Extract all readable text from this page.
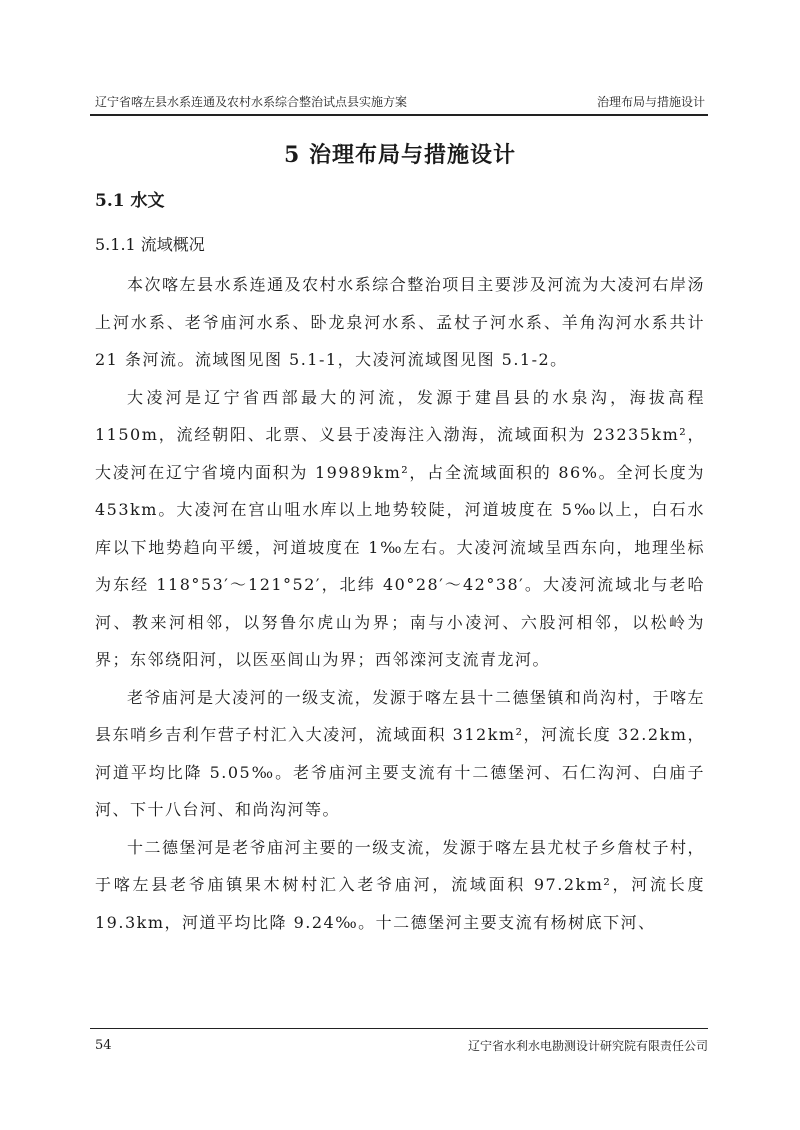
辽宁省喀左县水系连通及农村水系综合整治试点县实施方案	治理布局与措施设计
5 治理布局与措施设计
5.1 水文
5.1.1 流域概况

本次喀左县水系连通及农村水系综合整治项目主要涉及河流为大凌河右岸汤上河水系、老爷庙河水系、卧龙泉河水系、孟杖子河水系、羊角沟河水系共计 21 条河流。流域图见图 5.1-1，大凌河流域图见图 5.1-2。

大凌河是辽宁省西部最大的河流，发源于建昌县的水泉沟，海拔高程 1150m，流经朝阳、北票、义县于凌海注入渤海，流域面积为 23235km²，大凌河在辽宁省境内面积为 19989km²，占全流域面积的 86%。全河长度为 453km。大凌河在宫山咀水库以上地势较陡，河道坡度在 5‰以上，白石水库以下地势趋向平缓，河道坡度在 1‰左右。大凌河流域呈西东向，地理坐标为东经 118°53′～121°52′，北纬 40°28′～42°38′。大凌河流域北与老哈河、教来河相邻，以努鲁尔虎山为界；南与小凌河、六股河相邻，以松岭为界；东邻绕阳河，以医巫闾山为界；西邻滦河支流青龙河。

老爷庙河是大凌河的一级支流，发源于喀左县十二德堡镇和尚沟村，于喀左县东哨乡吉利乍营子村汇入大凌河，流域面积 312km²，河流长度 32.2km，河道平均比降 5.05‰。老爷庙河主要支流有十二德堡河、石仁沟河、白庙子河、下十八台河、和尚沟河等。

十二德堡河是老爷庙河主要的一级支流，发源于喀左县尤杖子乡詹杖子村，于喀左县老爷庙镇果木树村汇入老爷庙河，流域面积 97.2km²，河流长度 19.3km，河道平均比降 9.24‰。十二德堡河主要支流有杨树底下河、

54	辽宁省水利水电勘测设计研究院有限责任公司
